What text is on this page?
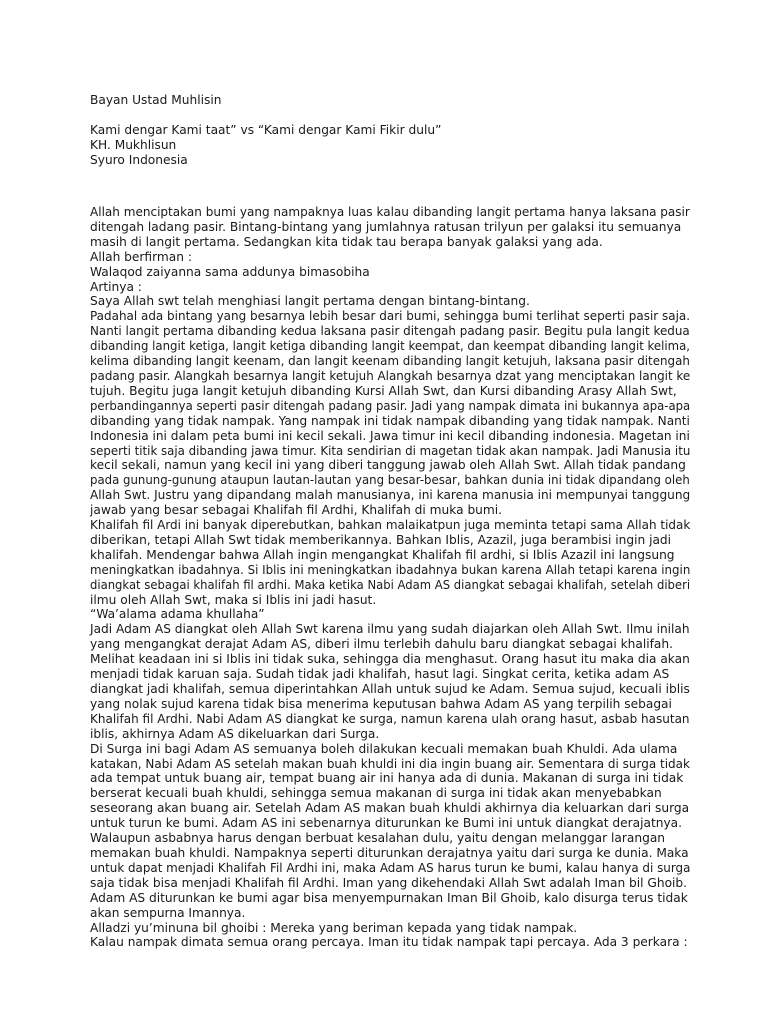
Bayan Ustad Muhlisin
Kami dengar Kami taat” vs “Kami dengar Kami Fikir dulu”
KH. Mukhlisun
Syuro Indonesia
Allah menciptakan bumi yang nampaknya luas kalau dibanding langit pertama hanya laksana pasir
ditengah ladang pasir. Bintang-bintang yang jumlahnya ratusan trilyun per galaksi itu semuanya
masih di langit pertama. Sedangkan kita tidak tau berapa banyak galaksi yang ada.
Allah berfirman :
Walaqod zaiyanna sama addunya bimasobiha
Artinya :
Saya Allah swt telah menghiasi langit pertama dengan bintang-bintang.
Padahal ada bintang yang besarnya lebih besar dari bumi, sehingga bumi terlihat seperti pasir saja.
Nanti langit pertama dibanding kedua laksana pasir ditengah padang pasir. Begitu pula langit kedua
dibanding langit ketiga, langit ketiga dibanding langit keempat, dan keempat dibanding langit kelima,
kelima dibanding langit keenam, dan langit keenam dibanding langit ketujuh, laksana pasir ditengah
padang pasir. Alangkah besarnya langit ketujuh Alangkah besarnya dzat yang menciptakan langit ke
tujuh. Begitu juga langit ketujuh dibanding Kursi Allah Swt, dan Kursi dibanding Arasy Allah Swt,
perbandingannya seperti pasir ditengah padang pasir. Jadi yang nampak dimata ini bukannya apa-apa
dibanding yang tidak nampak. Yang nampak ini tidak nampak dibanding yang tidak nampak. Nanti
Indonesia ini dalam peta bumi ini kecil sekali. Jawa timur ini kecil dibanding indonesia. Magetan ini
seperti titik saja dibanding jawa timur. Kita sendirian di magetan tidak akan nampak. Jadi Manusia itu
kecil sekali, namun yang kecil ini yang diberi tanggung jawab oleh Allah Swt. Allah tidak pandang
pada gunung-gunung ataupun lautan-lautan yang besar-besar, bahkan dunia ini tidak dipandang oleh
Allah Swt. Justru yang dipandang malah manusianya, ini karena manusia ini mempunyai tanggung
jawab yang besar sebagai Khalifah fil Ardhi, Khalifah di muka bumi.
Khalifah fil Ardi ini banyak diperebutkan, bahkan malaikatpun juga meminta tetapi sama Allah tidak
diberikan, tetapi Allah Swt tidak memberikannya. Bahkan Iblis, Azazil, juga berambisi ingin jadi
khalifah. Mendengar bahwa Allah ingin mengangkat Khalifah fil ardhi, si Iblis Azazil ini langsung
meningkatkan ibadahnya. Si Iblis ini meningkatkan ibadahnya bukan karena Allah tetapi karena ingin
diangkat sebagai khalifah fil ardhi. Maka ketika Nabi Adam AS diangkat sebagai khalifah, setelah diberi
ilmu oleh Allah Swt, maka si Iblis ini jadi hasut.
“Wa’alama adama khullaha”
Jadi Adam AS diangkat oleh Allah Swt karena ilmu yang sudah diajarkan oleh Allah Swt. Ilmu inilah
yang mengangkat derajat Adam AS, diberi ilmu terlebih dahulu baru diangkat sebagai khalifah.
Melihat keadaan ini si Iblis ini tidak suka, sehingga dia menghasut. Orang hasut itu maka dia akan
menjadi tidak karuan saja. Sudah tidak jadi khalifah, hasut lagi. Singkat cerita, ketika adam AS
diangkat jadi khalifah, semua diperintahkan Allah untuk sujud ke Adam. Semua sujud, kecuali iblis
yang nolak sujud karena tidak bisa menerima keputusan bahwa Adam AS yang terpilih sebagai
Khalifah fil Ardhi. Nabi Adam AS diangkat ke surga, namun karena ulah orang hasut, asbab hasutan
iblis, akhirnya Adam AS dikeluarkan dari Surga.
Di Surga ini bagi Adam AS semuanya boleh dilakukan kecuali memakan buah Khuldi. Ada ulama
katakan, Nabi Adam AS setelah makan buah khuldi ini dia ingin buang air. Sementara di surga tidak
ada tempat untuk buang air, tempat buang air ini hanya ada di dunia. Makanan di surga ini tidak
berserat kecuali buah khuldi, sehingga semua makanan di surga ini tidak akan menyebabkan
seseorang akan buang air. Setelah Adam AS makan buah khuldi akhirnya dia keluarkan dari surga
untuk turun ke bumi. Adam AS ini sebenarnya diturunkan ke Bumi ini untuk diangkat derajatnya.
Walaupun asbabnya harus dengan berbuat kesalahan dulu, yaitu dengan melanggar larangan
memakan buah khuldi. Nampaknya seperti diturunkan derajatnya yaitu dari surga ke dunia. Maka
untuk dapat menjadi Khalifah Fil Ardhi ini, maka Adam AS harus turun ke bumi, kalau hanya di surga
saja tidak bisa menjadi Khalifah fil Ardhi. Iman yang dikehendaki Allah Swt adalah Iman bil Ghoib.
Adam AS diturunkan ke bumi agar bisa menyempurnakan Iman Bil Ghoib, kalo disurga terus tidak
akan sempurna Imannya.
Alladzi yu’minuna bil ghoibi : Mereka yang beriman kepada yang tidak nampak.
Kalau nampak dimata semua orang percaya. Iman itu tidak nampak tapi percaya. Ada 3 perkara :
